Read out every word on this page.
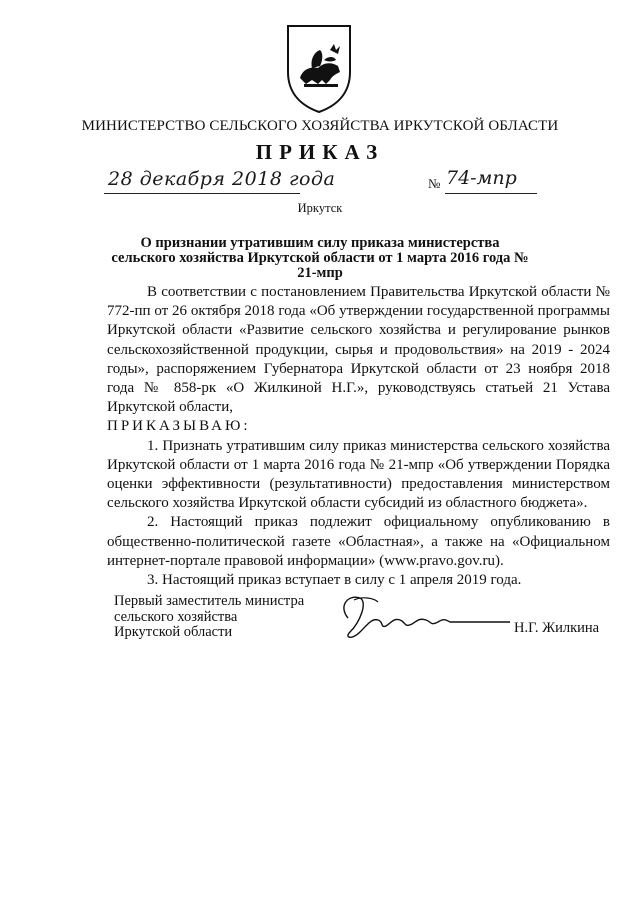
МИНИСТЕРСТВО СЕЛЬСКОГО ХОЗЯЙСТВА ИРКУТСКОЙ ОБЛАСТИ
ПРИКАЗ
28 декабря 2018 года	№ 74-мпр
Иркутск
О признании утратившим силу приказа министерства сельского хозяйства Иркутской области от 1 марта 2016 года № 21-мпр

В соответствии с постановлением Правительства Иркутской области № 772-пп от 26 октября 2018 года «Об утверждении государственной программы Иркутской области «Развитие сельского хозяйства и регулирование рынков сельскохозяйственной продукции, сырья и продовольствия» на 2019 - 2024 годы», распоряжением Губернатора Иркутской области от 23 ноября 2018 года № 858-рк «О Жилкиной Н.Г.», руководствуясь статьей 21 Устава Иркутской области,

ПРИКАЗЫВАЮ:

1. Признать утратившим силу приказ министерства сельского хозяйства Иркутской области от 1 марта 2016 года № 21-мпр «Об утверждении Порядка оценки эффективности (результативности) предоставления министерством сельского хозяйства Иркутской области субсидий из областного бюджета».

2. Настоящий приказ подлежит официальному опубликованию в общественно-политической газете «Областная», а также на «Официальном интернет-портале правовой информации» (www.pravo.gov.ru).

3. Настоящий приказ вступает в силу с 1 апреля 2019 года.

Первый заместитель министра
сельского хозяйства
Иркутской области	Н.Г. Жилкина
